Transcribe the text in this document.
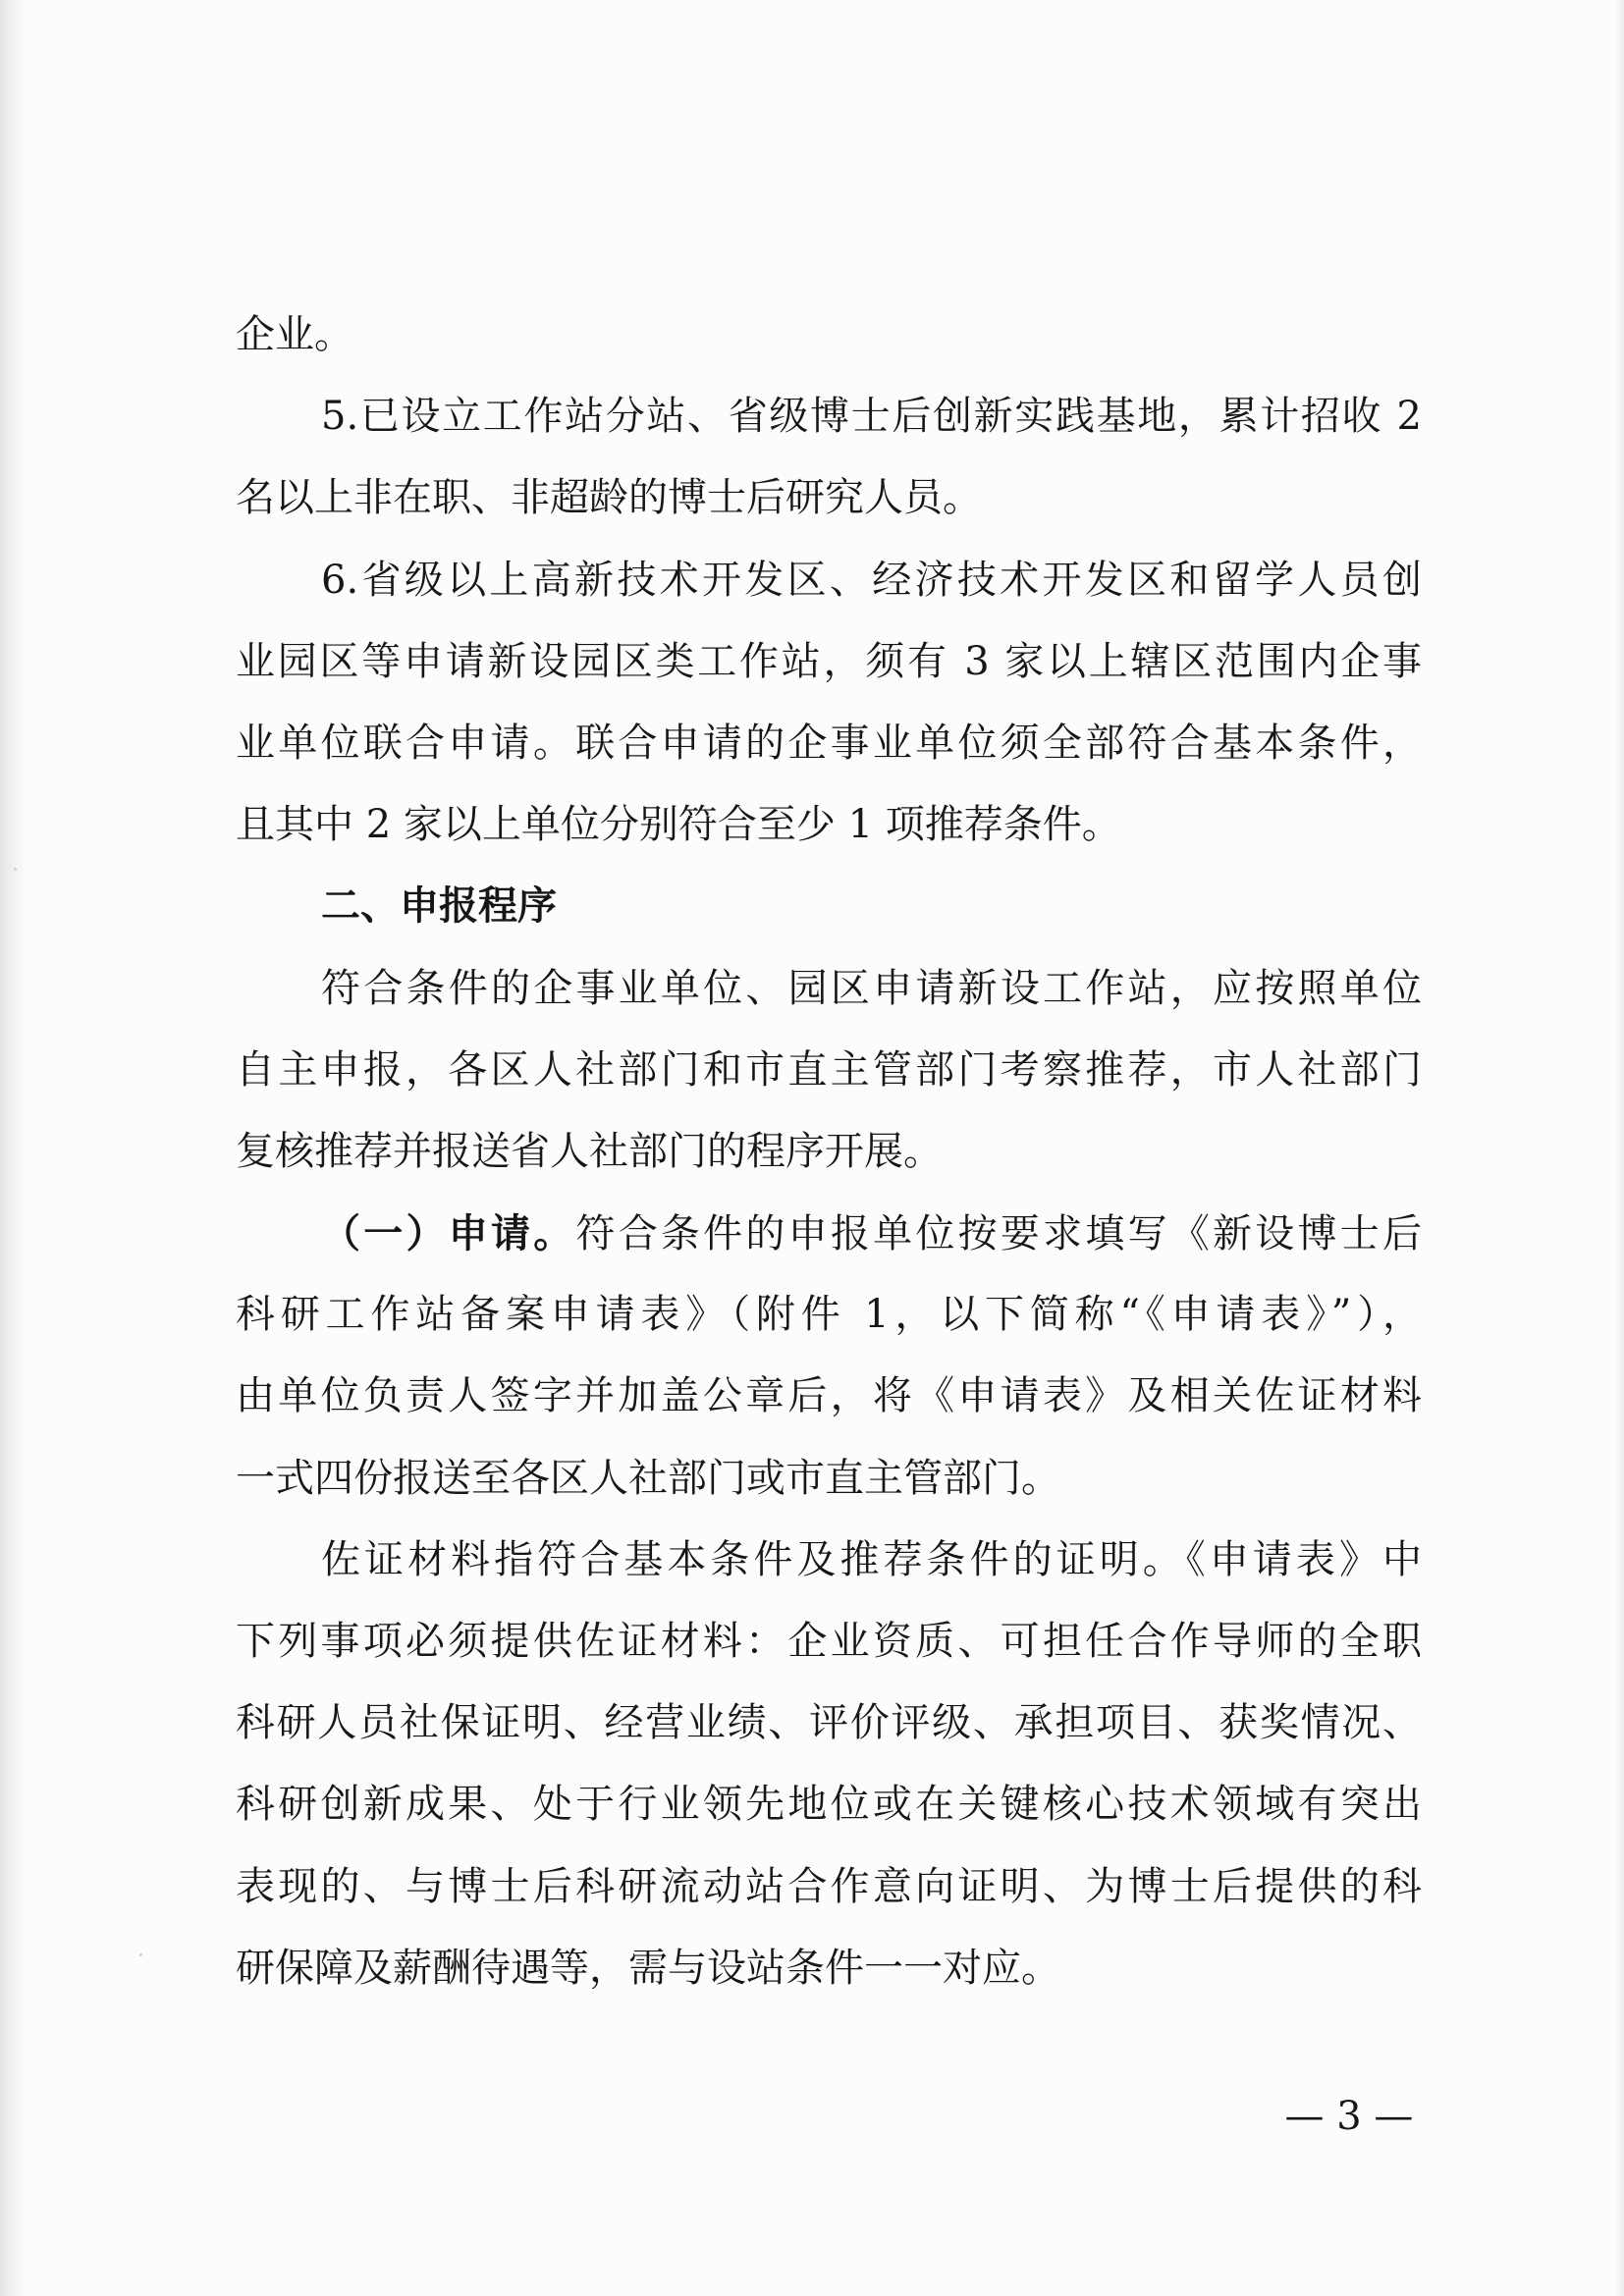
企业。
5.已设立工作站分站、省级博士后创新实践基地，累计招收 2
名以上非在职、非超龄的博士后研究人员。
6.省级以上高新技术开发区、经济技术开发区和留学人员创
业园区等申请新设园区类工作站，须有 3 家以上辖区范围内企事
业单位联合申请。联合申请的企事业单位须全部符合基本条件，
且其中 2 家以上单位分别符合至少 1 项推荐条件。
二、申报程序
符合条件的企事业单位、园区申请新设工作站，应按照单位
自主申报，各区人社部门和市直主管部门考察推荐，市人社部门
复核推荐并报送省人社部门的程序开展。
（一）申请。符合条件的申报单位按要求填写《新设博士后
科研工作站备案申请表》（附件 1，以下简称“《申请表》”），
由单位负责人签字并加盖公章后，将《申请表》及相关佐证材料
一式四份报送至各区人社部门或市直主管部门。
佐证材料指符合基本条件及推荐条件的证明。《申请表》中
下列事项必须提供佐证材料：企业资质、可担任合作导师的全职
科研人员社保证明、经营业绩、评价评级、承担项目、获奖情况、
科研创新成果、处于行业领先地位或在关键核心技术领域有突出
表现的、与博士后科研流动站合作意向证明、为博士后提供的科
研保障及薪酬待遇等，需与设站条件一一对应。
— 3 —
